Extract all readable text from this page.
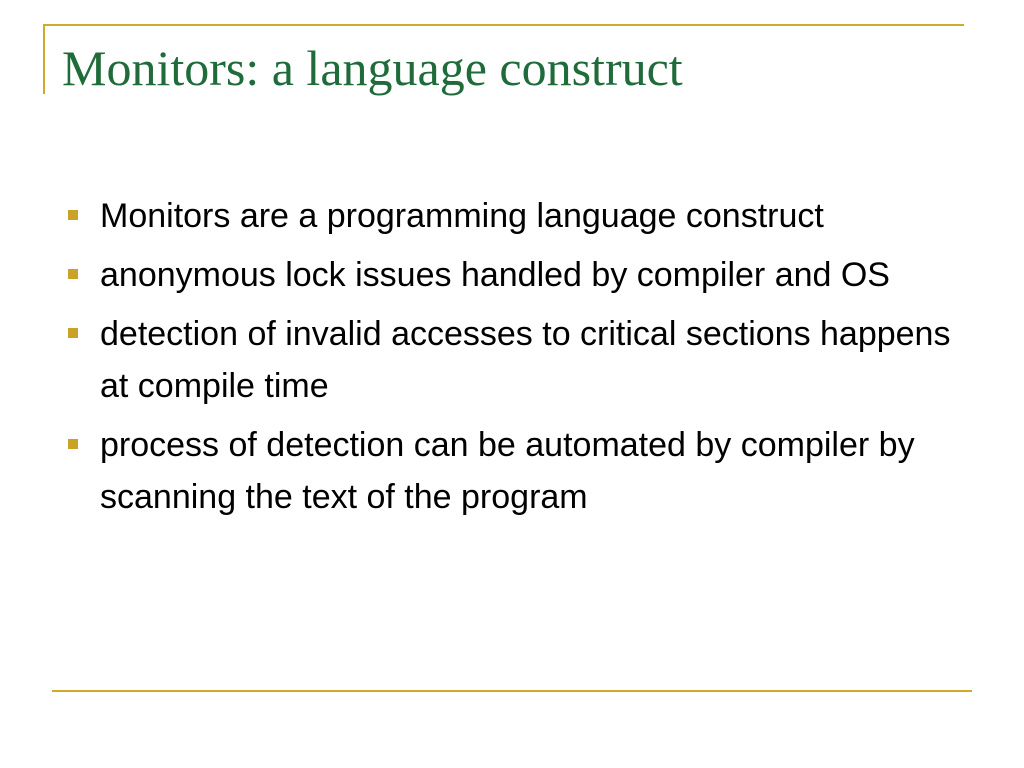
Monitors: a language construct
Monitors are a programming language construct
anonymous lock issues handled by compiler and OS
detection of invalid accesses to critical sections happens at compile time
process of detection can be automated by compiler by scanning the text of the program
